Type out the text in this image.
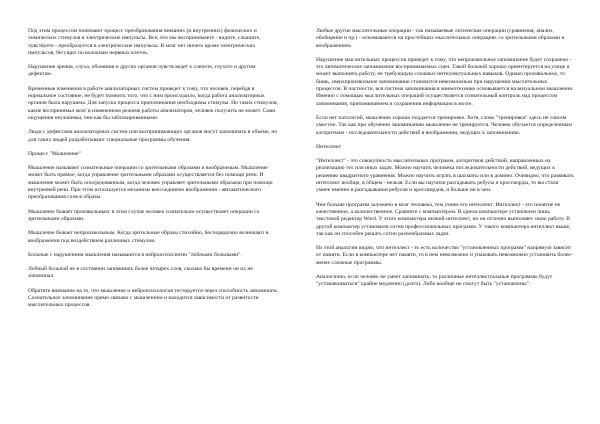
Под этим процессом понимают процесс преобразования внешних (и внутренних) физических и химических стимулов в электрические импульсы. Все, что мы воспринимаете - видите, слышите, чувствуете - преобразуется в электрические импульсы. В мозг нет ничего кроме электрических импульсов, бегущих по волокнам нервных клеток.

Нарушение зрения, слуха, обоняния и других органов чувств ведет к слепоте, глухоте и другим дефектам.

Временные изменения в работе анализаторных систем приведет к тому, что человек, перейдя в нормальное состояние, не будет помнить того, что с ним происходило, когда работа анализаторных органов была нарушена. Для запуска процесса припоминания необходимы стимулы. Но таких стимулов, какие воспринимал мозг в измененном режиме работы анализаторов, человек получить не может. Сами ощущения неуловимы, они как бы заблокированными.

Люди с дефектами анализаторных систем или воспринимающих органов могут запоминать в объеме, но для таких людей разработывают специальные программы обучения.

Процесс "Мышление"

Мышление называют сознательные операции со зрительными образами и вообразимым. Мышление может быть прямое, когда управление зрительными образами осуществляется без помощи речи. И мышление может быть опосредованным, когда человек управляет зрительными образами при помощи внутренней речи. При этом используется механизм воссоединено воображения - автоматического преобразования слов в образы.

Мышление бывает произвольным: в этом случае человек сознательно осуществляет операции со зрительными образами.

Мышление бывает непроизвольным. Когда зрительные образы стихийно, беспорядочно возникают в воображении под воздействием различных стимулов.

Больные с нарушением мышления называются в нейропсихологии "лобными больными".

Лобный больной не в состоянии запоминать более четырех слов, сколько бы времени он их не запоминал.

Обратите внимание на то, что мышление и нейропсихология тестируется через способность запоминать. Сознательное запоминание прямо связано с мышлением и находится зависимости от развитости мыслительных процессов.

Любые другие мыслительные операции - так называемые логические операции (сравнения, анализ, обобщение и пр.) - основываются на простейших мыслительных операциях со зрительными образами и воображением.

Нарушение мыслительных процессов приведет к тому, что непроизвольное запоминание будет сохранено - это автоматическое запоминание воспринимаемых сцен. Такой больной хорошо ориентируется на улице и может выполнять работу, не требующую сложных интеллектуальных навыков. Однако произвольное, то бишь, сверхпроизвольное запоминание становится невозможным при нарушении мыслительных процессов. В частности, вся система запоминания в мнемотехнике основывается на визуальном мышлении. Именно с помощью мыслительных операций осуществляется сознательный контроль над процессом запоминания, припоминанием и сохранения информации в мозге.

Если нет патологий, мышление хорошо поддается тренировке. Хотя, слово "тренировка" здесь не совсем уместно. Так как при обучении запоминанию мышление не тренируется. Человек обучается определенным алгоритмам - последовательности действий в воображении, ведущих к запоминанию.

Интеллект

"Интеллект" - это совокупность мыслительных программ, алгоритмов действий, направленных на реализацию тех или иных задач. Можно научить человека последовательности действий, ведущих к решению квадратного уравнения. Можно научить играть в шахматы или в домино. Очевидно, что развивать интеллект вообще, в общем - нельзя. Если вы научили разгадывать ребусы и кроссворды, то вы стали умнее именно в разгадывании ребусов и кроссвордов, и больше ни в чем.

Чем больше программ заложено в мозг человека, тем умнее его интеллект. Интеллект - это понятие не качественное, а количественное. Сравните с компьютером. В одном компьютере установлен лишь текстовой редактор Word. У этого компьютера низкий интеллект, но он отлично выполняет свою работу. В другой компьютер установили сотни профессиональных программ. У такого компьютера интеллект выше, так как он способен решать сотни разнообразных задач.

Из этой аналогии видно, что интеллект - то есть количество "установленных программ" напрямую зависит от памяти. Если в компьютере нет памяти, то в нем невозможно и упаковать невозможно установить более-менее сложные программы.

Аналогично, если человек не умеет запоминать, то различные интеллектуальные программы будут "устанавливаться" крайне медленно (долго). Либо вообще не смогут быть "установлены".
